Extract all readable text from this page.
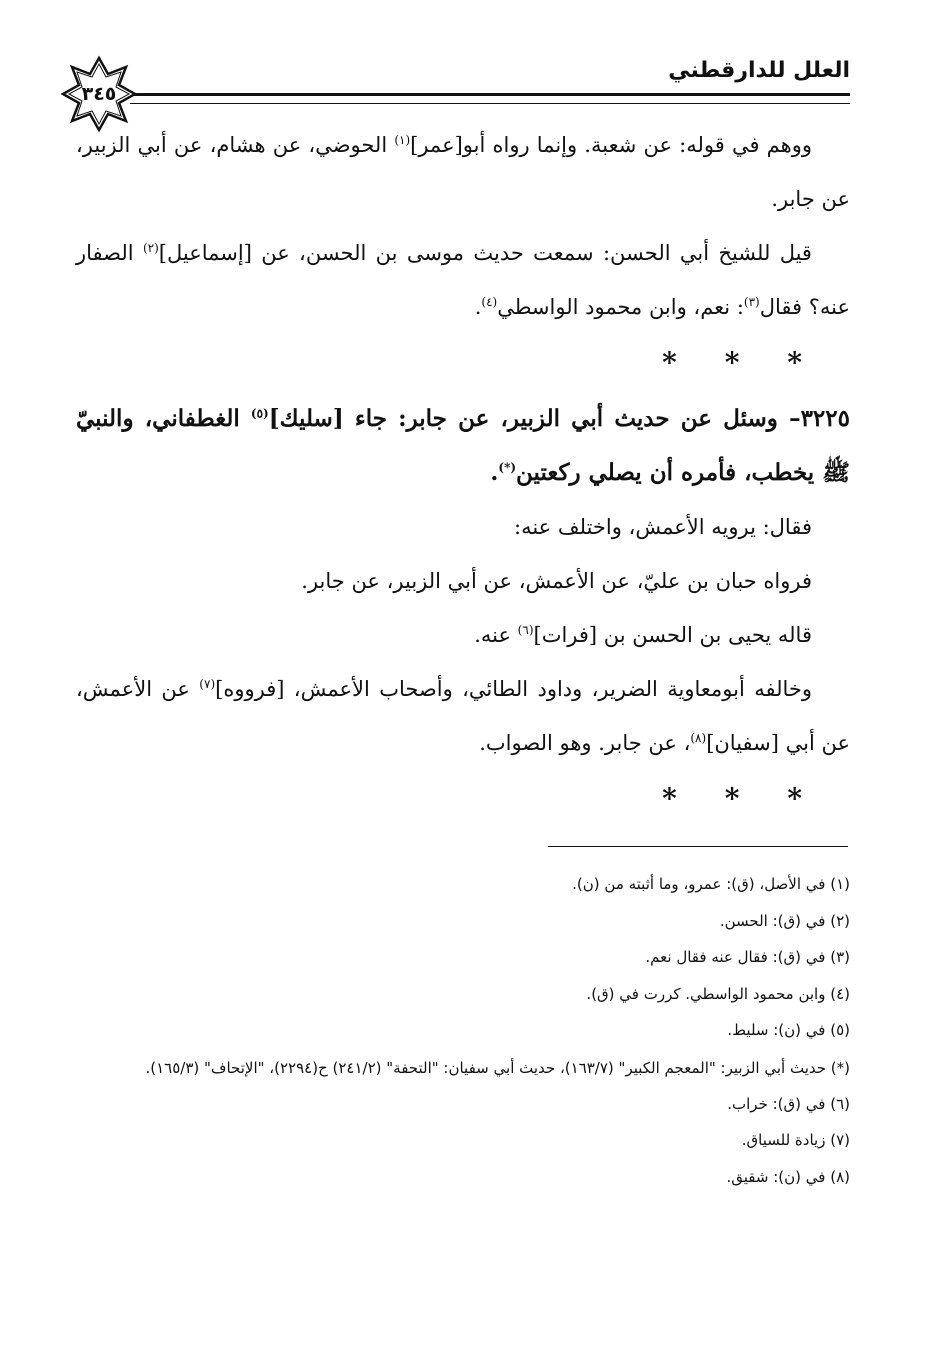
العلل للدارقطني
٣٤٥

ووهم في قوله: عن شعبة. وإنما رواه أبو[عمر]$^{(١)}$ الحوضي، عن هشام، عن أبي الزبير، عن جابر.

قيل للشيخ أبي الحسن: سمعت حديث موسى بن الحسن، عن [إسماعيل]$^{(٢)}$ الصفار عنه؟ فقال$^{(٣)}$: نعم، وابن محمود الواسطي$^{(٤)}$.

***

٣٢٢٥– وسئل عن حديث أبي الزبير، عن جابر: جاء [سليك]$^{(٥)}$ الغطفاني، والنبيّ ﷺ يخطب، فأمره أن يصلي ركعتين(*).

فقال: يرويه الأعمش، واختلف عنه:

فرواه حبان بن عليّ، عن الأعمش، عن أبي الزبير، عن جابر.

قاله يحيى بن الحسن بن [فرات]$^{(٦)}$ عنه.

وخالفه أبومعاوية الضرير، وداود الطائي، وأصحاب الأعمش، [فرووه]$^{(٧)}$ عن الأعمش، عن أبي [سفيان]$^{(٨)}$، عن جابر. وهو الصواب.

***

(١) في الأصل، (ق): عمرو، وما أثبته من (ن).

(٢) في (ق): الحسن.

(٣) في (ق): فقال عنه فقال نعم.

(٤) وابن محمود الواسطي. كررت في (ق).

(٥) في (ن): سليط.

(*) حديث أبي الزبير: "المعجم الكبير" (١٦٣/٧)، حديث أبي سفيان: "التحفة" (٢٤١/٢) ح(٢٢٩٤)، "الإتحاف" (١٦٥/٣).

(٦) في (ق): خراب.

(٧) زيادة للسياق.

(٨) في (ن): شقيق.
